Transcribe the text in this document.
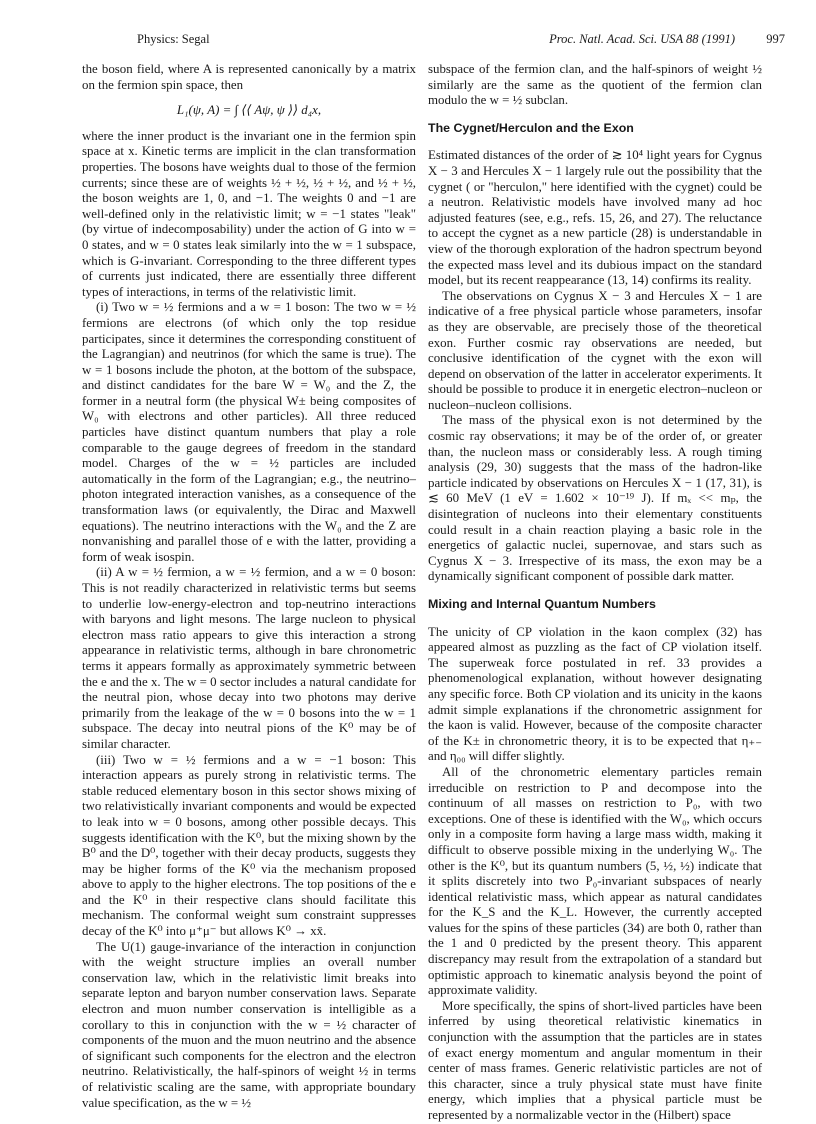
Physics: Segal	Proc. Natl. Acad. Sci. USA 88 (1991)	997

the boson field, where A is represented canonically by a matrix on the fermion spin space, then

L₁(ψ, A) = ∫ ⟨⟨ Aψ, ψ ⟩⟩ d₄x,

where the inner product is the invariant one in the fermion spin space at x. Kinetic terms are implicit in the clan transformation properties. The bosons have weights dual to those of the fermion currents; since these are of weights ½ + ½, ½ + ½, and ½ + ½, the boson weights are 1, 0, and −1. The weights 0 and −1 are well-defined only in the relativistic limit; w = −1 states "leak" (by virtue of indecomposability) under the action of G into w = 0 states, and w = 0 states leak similarly into the w = 1 subspace, which is G-invariant. Corresponding to the three different types of currents just indicated, there are essentially three different types of interactions, in terms of the relativistic limit.

(i) Two w = ½ fermions and a w = 1 boson: The two w = ½ fermions are electrons (of which only the top residue participates, since it determines the corresponding constituent of the Lagrangian) and neutrinos (for which the same is true). The w = 1 bosons include the photon, at the bottom of the subspace, and distinct candidates for the bare W = W₀ and the Z, the former in a neutral form (the physical W± being composites of W₀ with electrons and other particles). All three reduced particles have distinct quantum numbers that play a role comparable to the gauge degrees of freedom in the standard model. Charges of the w = ½ particles are included automatically in the form of the Lagrangian; e.g., the neutrino–photon integrated interaction vanishes, as a consequence of the transformation laws (or equivalently, the Dirac and Maxwell equations). The neutrino interactions with the W₀ and the Z are nonvanishing and parallel those of e with the latter, providing a form of weak isospin.

(ii) A w = ½ fermion, a w = ½ fermion, and a w = 0 boson: This is not readily characterized in relativistic terms but seems to underlie low-energy-electron and top-neutrino interactions with baryons and light mesons. The large nucleon to physical electron mass ratio appears to give this interaction a strong appearance in relativistic terms, although in bare chronometric terms it appears formally as approximately symmetric between the e and the x. The w = 0 sector includes a natural candidate for the neutral pion, whose decay into two photons may derive primarily from the leakage of the w = 0 bosons into the w = 1 subspace. The decay into neutral pions of the K⁰ may be of similar character.

(iii) Two w = ½ fermions and a w = −1 boson: This interaction appears as purely strong in relativistic terms. The stable reduced elementary boson in this sector shows mixing of two relativistically invariant components and would be expected to leak into w = 0 bosons, among other possible decays. This suggests identification with the K⁰, but the mixing shown by the B⁰ and the D⁰, together with their decay products, suggests they may be higher forms of the K⁰ via the mechanism proposed above to apply to the higher electrons. The top positions of the e and the K⁰ in their respective clans should facilitate this mechanism. The conformal weight sum constraint suppresses decay of the K⁰ into μ⁺μ⁻ but allows K⁰ → xx̄.

The U(1) gauge-invariance of the interaction in conjunction with the weight structure implies an overall number conservation law, which in the relativistic limit breaks into separate lepton and baryon number conservation laws. Separate electron and muon number conservation is intelligible as a corollary to this in conjunction with the w = ½ character of components of the muon and the muon neutrino and the absence of significant such components for the electron and the electron neutrino. Relativistically, the half-spinors of weight ½ in terms of relativistic scaling are the same, with appropriate boundary value specification, as the w = ½

subspace of the fermion clan, and the half-spinors of weight ½ similarly are the same as the quotient of the fermion clan modulo the w = ½ subclan.

The Cygnet/Herculon and the Exon

Estimated distances of the order of ≳ 10⁴ light years for Cygnus X − 3 and Hercules X − 1 largely rule out the possibility that the cygnet ( or "herculon," here identified with the cygnet) could be a neutron. Relativistic models have involved many ad hoc adjusted features (see, e.g., refs. 15, 26, and 27). The reluctance to accept the cygnet as a new particle (28) is understandable in view of the thorough exploration of the hadron spectrum beyond the expected mass level and its dubious impact on the standard model, but its recent reappearance (13, 14) confirms its reality.

The observations on Cygnus X − 3 and Hercules X − 1 are indicative of a free physical particle whose parameters, insofar as they are observable, are precisely those of the theoretical exon. Further cosmic ray observations are needed, but conclusive identification of the cygnet with the exon will depend on observation of the latter in accelerator experiments. It should be possible to produce it in energetic electron–nucleon or nucleon–nucleon collisions.

The mass of the physical exon is not determined by the cosmic ray observations; it may be of the order of, or greater than, the nucleon mass or considerably less. A rough timing analysis (29, 30) suggests that the mass of the hadron-like particle indicated by observations on Hercules X − 1 (17, 31), is ≲ 60 MeV (1 eV = 1.602 × 10⁻¹⁹ J). If mₓ << mₚ, the disintegration of nucleons into their elementary constituents could result in a chain reaction playing a basic role in the energetics of galactic nuclei, supernovae, and stars such as Cygnus X − 3. Irrespective of its mass, the exon may be a dynamically significant component of possible dark matter.

Mixing and Internal Quantum Numbers

The unicity of CP violation in the kaon complex (32) has appeared almost as puzzling as the fact of CP violation itself. The superweak force postulated in ref. 33 provides a phenomenological explanation, without however designating any specific force. Both CP violation and its unicity in the kaons admit simple explanations if the chronometric assignment for the kaon is valid. However, because of the composite character of the K± in chronometric theory, it is to be expected that η₊₋ and η₀₀ will differ slightly.

All of the chronometric elementary particles remain irreducible on restriction to P and decompose into the continuum of all masses on restriction to P₀, with two exceptions. One of these is identified with the W₀, which occurs only in a composite form having a large mass width, making it difficult to observe possible mixing in the underlying W₀. The other is the K⁰, but its quantum numbers (5, ½, ½) indicate that it splits discretely into two P₀-invariant subspaces of nearly identical relativistic mass, which appear as natural candidates for the K_S and the K_L. However, the currently accepted values for the spins of these particles (34) are both 0, rather than the 1 and 0 predicted by the present theory. This apparent discrepancy may result from the extrapolation of a standard but optimistic approach to kinematic analysis beyond the point of approximate validity.

More specifically, the spins of short-lived particles have been inferred by using theoretical relativistic kinematics in conjunction with the assumption that the particles are in states of exact energy momentum and angular momentum in their center of mass frames. Generic relativistic particles are not of this character, since a truly physical state must have finite energy, which implies that a physical particle must be represented by a normalizable vector in the (Hilbert) space
